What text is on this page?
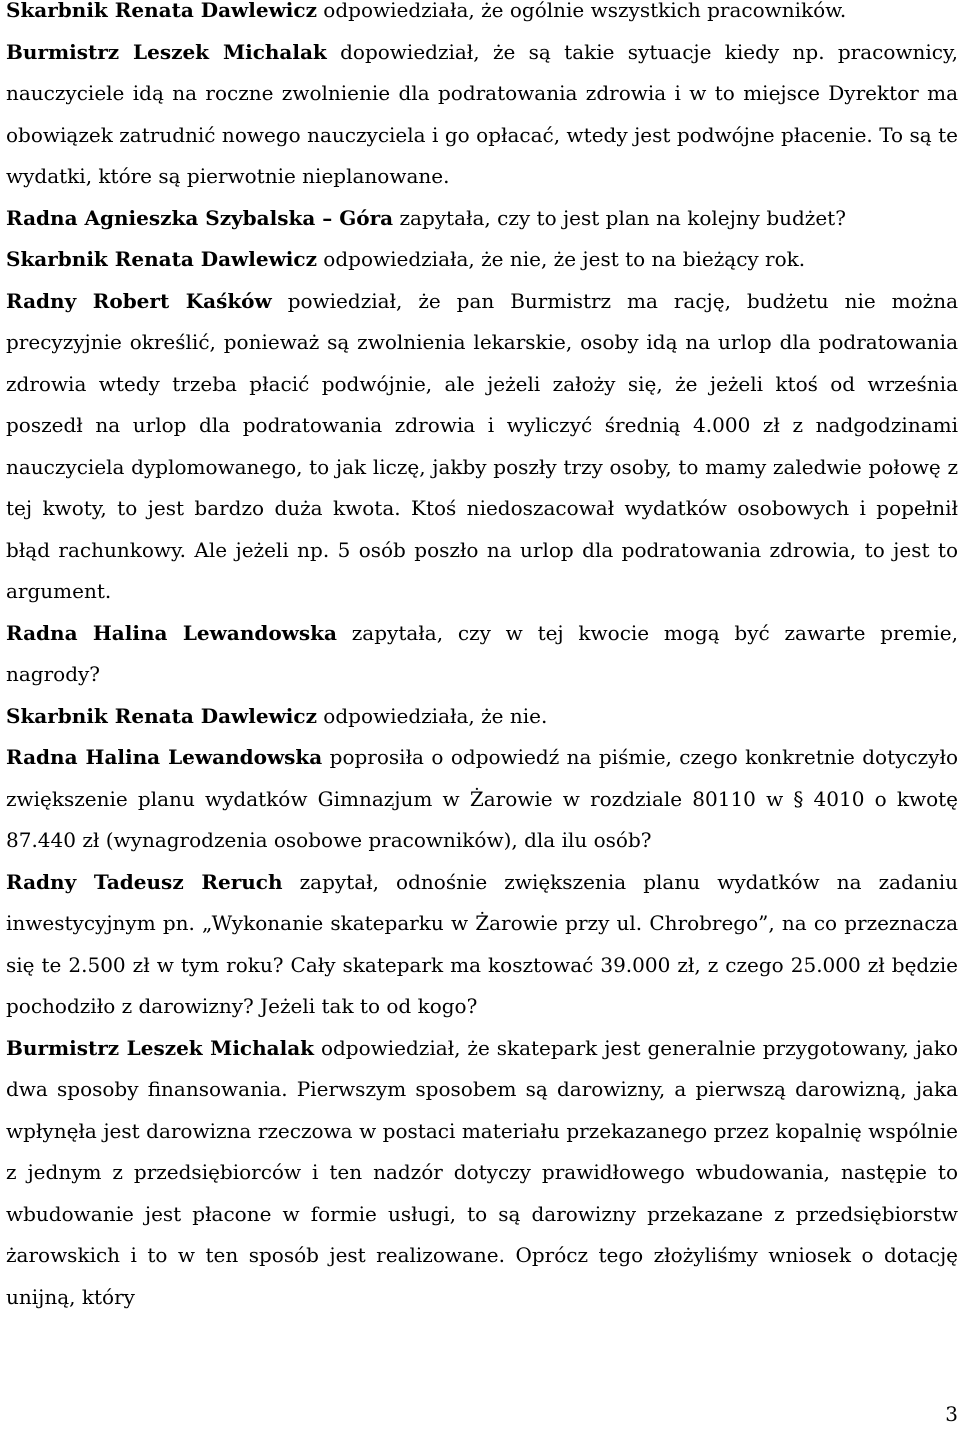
Skarbnik Renata Dawlewicz odpowiedziała, że ogólnie wszystkich pracowników.

Burmistrz Leszek Michalak dopowiedział, że są takie sytuacje kiedy np. pracownicy, nauczyciele idą na roczne zwolnienie dla podratowania zdrowia i w to miejsce Dyrektor ma obowiązek zatrudnić nowego nauczyciela i go opłacać, wtedy jest podwójne płacenie. To są te wydatki, które są pierwotnie nieplanowane.

Radna Agnieszka Szybalska – Góra zapytała, czy to jest plan na kolejny budżet?

Skarbnik Renata Dawlewicz odpowiedziała, że nie, że jest to na bieżący rok.

Radny Robert Kaśków powiedział, że pan Burmistrz ma rację, budżetu nie można precyzyjnie określić, ponieważ są zwolnienia lekarskie, osoby idą na urlop dla podratowania zdrowia wtedy trzeba płacić podwójnie, ale jeżeli założy się, że jeżeli ktoś od września poszedł na urlop dla podratowania zdrowia i wyliczyć średnią 4.000 zł z nadgodzinami nauczyciela dyplomowanego, to jak liczę, jakby poszły trzy osoby, to mamy zaledwie połowę z tej kwoty, to jest bardzo duża kwota. Ktoś niedoszacował wydatków osobowych i popełnił błąd rachunkowy. Ale jeżeli np. 5 osób poszło na urlop dla podratowania zdrowia, to jest to argument.

Radna Halina Lewandowska zapytała, czy w tej kwocie mogą być zawarte premie, nagrody?

Skarbnik Renata Dawlewicz odpowiedziała, że nie.

Radna Halina Lewandowska poprosiła o odpowiedź na piśmie, czego konkretnie dotyczyło zwiększenie planu wydatków Gimnazjum w Żarowie w rozdziale 80110 w § 4010 o kwotę 87.440 zł (wynagrodzenia osobowe pracowników), dla ilu osób?

Radny Tadeusz Reruch zapytał, odnośnie zwiększenia planu wydatków na zadaniu inwestycyjnym pn. „Wykonanie skateparku w Żarowie przy ul. Chrobrego”, na co przeznacza się te 2.500 zł w tym roku? Cały skatepark ma kosztować 39.000 zł, z czego 25.000 zł będzie pochodziło z darowizny? Jeżeli tak to od kogo?

Burmistrz Leszek Michalak odpowiedział, że skatepark jest generalnie przygotowany, jako dwa sposoby finansowania. Pierwszym sposobem są darowizny, a pierwszą darowizną, jaka wpłynęła jest darowizna rzeczowa w postaci materiału przekazanego przez kopalnię wspólnie z jednym z przedsiębiorców i ten nadzór dotyczy prawidłowego wbudowania, następie to wbudowanie jest płacone w formie usługi, to są darowizny przekazane z przedsiębiorstw żarowskich i to w ten sposób jest realizowane. Oprócz tego złożyliśmy wniosek o dotację unijną, który

3
